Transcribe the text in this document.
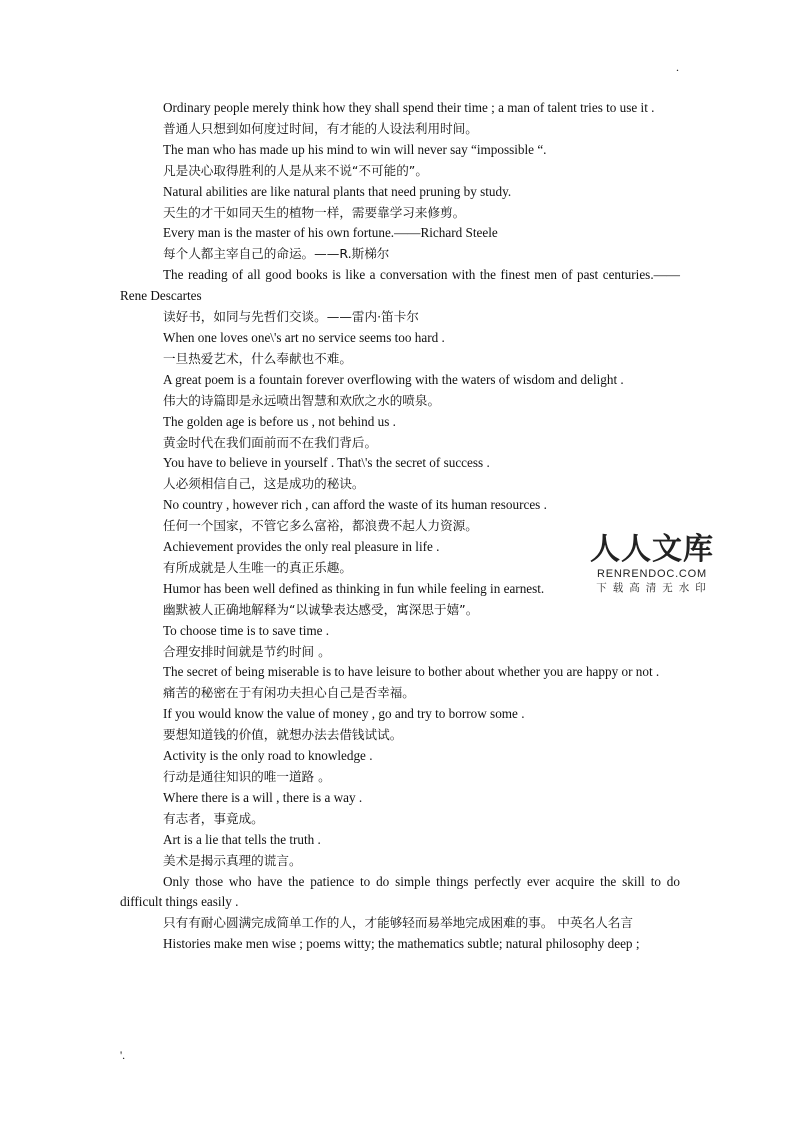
.

Ordinary people merely think how they shall spend their time ; a man of talent tries to use it .

普通人只想到如何度过时间，有才能的人设法利用时间。

The man who has made up his mind to win will never say “impossible “.

凡是决心取得胜利的人是从来不说“不可能的”。

Natural abilities are like natural plants that need pruning by study.

天生的才干如同天生的植物一样，需要靠学习来修剪。

Every man is the master of his own fortune.——Richard Steele

每个人都主宰自己的命运。——R.斯梯尔

The reading of all good books is like a conversation with the finest men of past centuries.——Rene Descartes

读好书，如同与先哲们交谈。——雷内·笛卡尔

When one loves one\'s art no service seems too hard .

一旦热爱艺术，什么奉献也不难。

A great poem is a fountain forever overflowing with the waters of wisdom and delight .

伟大的诗篇即是永远喷出智慧和欢欣之水的喷泉。

The golden age is before us , not behind us .

黄金时代在我们面前而不在我们背后。

You have to believe in yourself . That\'s the secret of success .

人必须相信自己，这是成功的秘诀。

No country , however rich , can afford the waste of its human resources .

任何一个国家，不管它多么富裕，都浪费不起人力资源。

Achievement provides the only real pleasure in life .

有所成就是人生唯一的真正乐趣。

Humor has been well defined as thinking in fun while feeling in earnest.

幽默被人正确地解释为“以诚挚表达感受，寓深思于嬉”。

To choose time is to save time .

合理安排时间就是节约时间 。

The secret of being miserable is to have leisure to bother about whether you are happy or not .

痛苦的秘密在于有闲功夫担心自己是否幸福。

If you would know the value of money , go and try to borrow some .

要想知道钱的价值，就想办法去借钱试试。

Activity is the only road to knowledge .

行动是通往知识的唯一道路 。

Where there is a will , there is a way .

有志者，事竟成。

Art is a lie that tells the truth .

美术是揭示真理的谎言。

Only those who have the patience to do simple things perfectly ever acquire the skill to do difficult things easily .

只有有耐心圆满完成简单工作的人，才能够轻而易举地完成困难的事。 中英名人名言

Histories make men wise ; poems witty; the mathematics subtle; natural philosophy deep ;

人人文库
RENRENDOC.COM
下载高清无水印
'.
